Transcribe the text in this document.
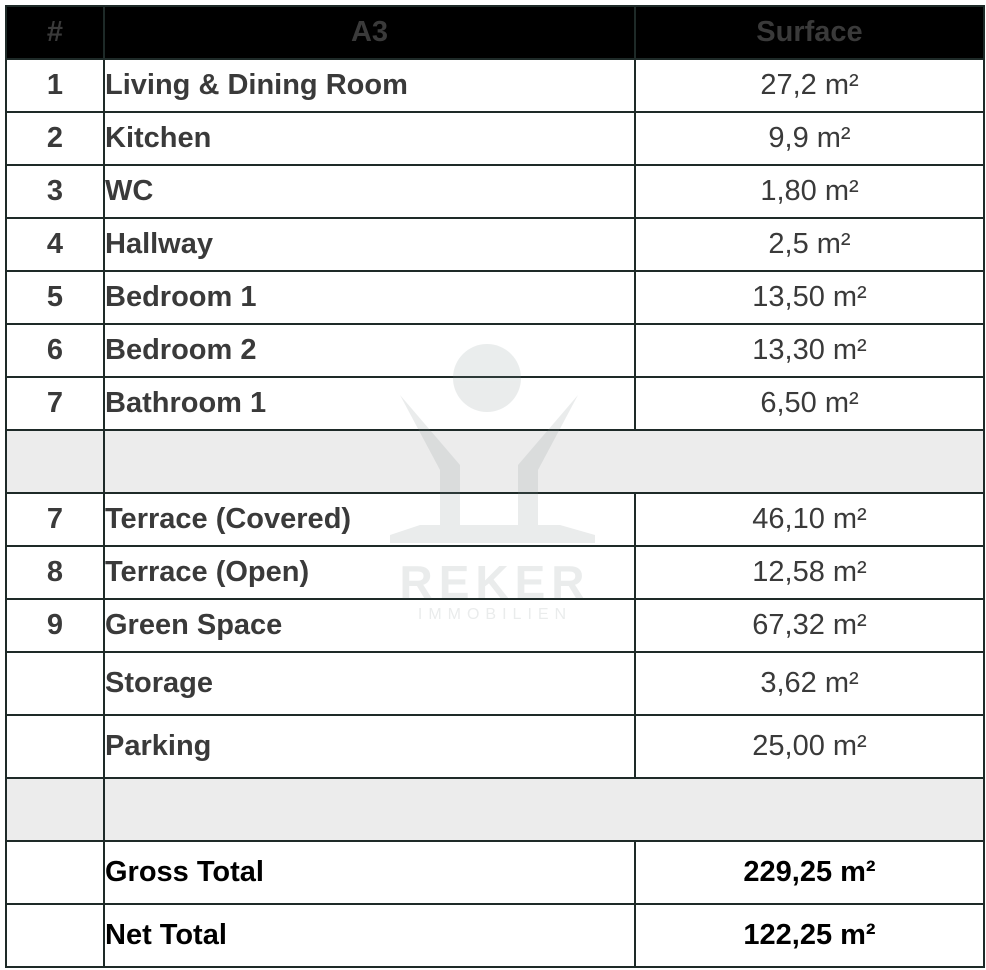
#	A3	Surface
1	Living & Dining Room	27,2 m²
2	Kitchen	9,9 m²
3	WC	1,80 m²
4	Hallway	2,5 m²
5	Bedroom 1	13,50 m²
6	Bedroom 2	13,30 m²
7	Bathroom 1	6,50 m²

7	Terrace (Covered)	46,10 m²
8	Terrace (Open)	12,58 m²
9	Green Space	67,32 m²
	Storage	3,62 m²
	Parking	25,00 m²

	Gross Total	229,25 m²
	Net Total	122,25 m²
REKER
IMMOBILIEN
